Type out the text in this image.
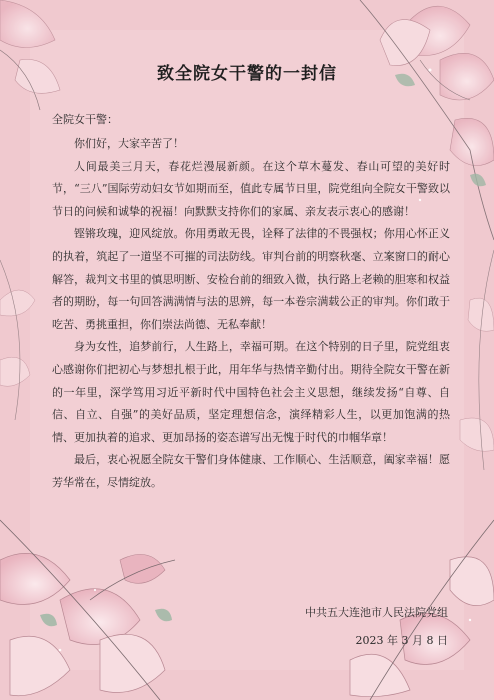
致全院女干警的一封信
全院女干警：

你们好，大家辛苦了！

人间最美三月天，春花烂漫展新颜。在这个草木蔓发、春山可望的美好时节，“三八”国际劳动妇女节如期而至，值此专属节日里，院党组向全院女干警致以节日的问候和诚挚的祝福！向默默支持你们的家属、亲友表示衷心的感谢！

铿锵玫瑰，迎风绽放。你用勇敢无畏，诠释了法律的不畏强权；你用心怀正义的执着，筑起了一道坚不可摧的司法防线。审判台前的明察秋毫、立案窗口的耐心解答，裁判文书里的慎思明断、安检台前的细致入微，执行路上老赖的胆寒和权益者的期盼，每一句回答满满情与法的思辨，每一本卷宗满载公正的审判。你们敢于吃苦、勇挑重担，你们崇法尚德、无私奉献！

身为女性，追梦前行，人生路上，幸福可期。在这个特别的日子里，院党组衷心感谢你们把初心与梦想扎根于此，用年华与热情辛勤付出。期待全院女干警在新的一年里，深学笃用习近平新时代中国特色社会主义思想，继续发扬“自尊、自信、自立、自强”的美好品质，坚定理想信念，演绎精彩人生，以更加饱满的热情、更加执着的追求、更加昂扬的姿态谱写出无愧于时代的巾帼华章！

最后，衷心祝愿全院女干警们身体健康、工作顺心、生活顺意，阖家幸福！愿芳华常在，尽情绽放。

中共五大连池市人民法院党组
2023 年 3 月 8 日
